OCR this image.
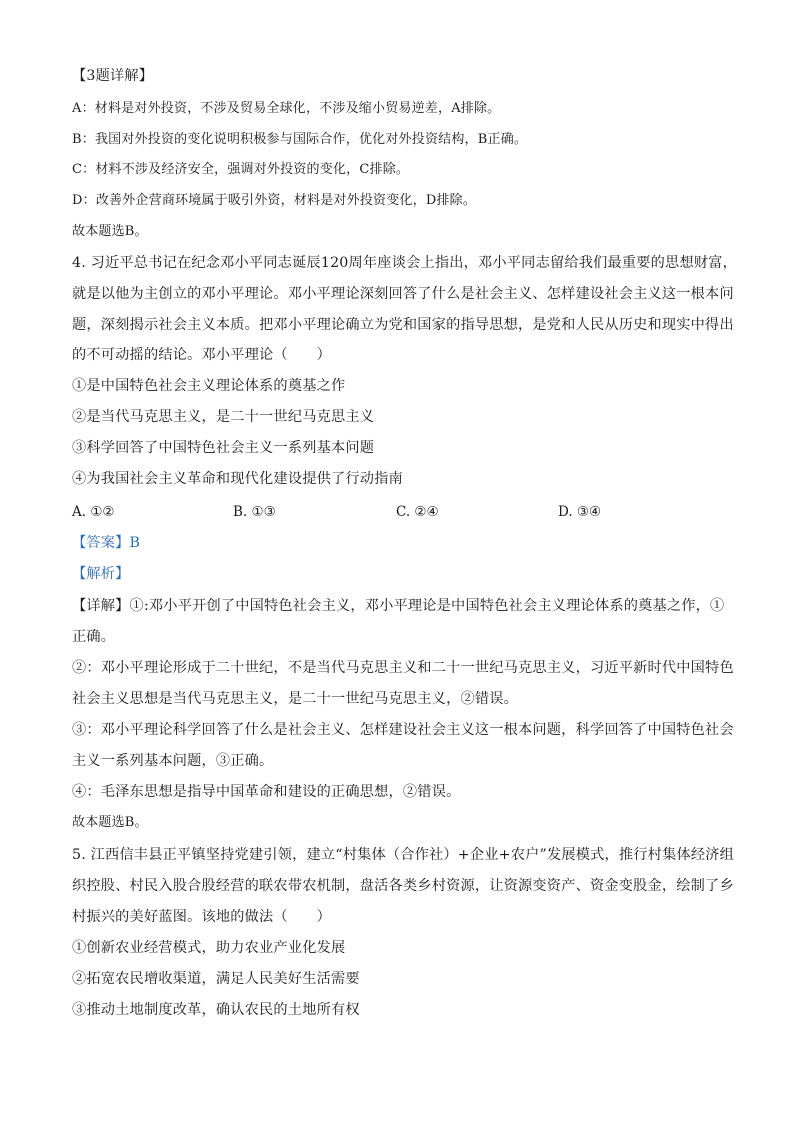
【3题详解】
A：材料是对外投资，不涉及贸易全球化，不涉及缩小贸易逆差，A排除。
B：我国对外投资的变化说明积极参与国际合作，优化对外投资结构，B正确。
C：材料不涉及经济安全，强调对外投资的变化，C排除。
D：改善外企营商环境属于吸引外资，材料是对外投资变化，D排除。
故本题选B。
4. 习近平总书记在纪念邓小平同志诞辰120周年座谈会上指出，邓小平同志留给我们最重要的思想财富，
就是以他为主创立的邓小平理论。邓小平理论深刻回答了什么是社会主义、怎样建设社会主义这一根本问
题，深刻揭示社会主义本质。把邓小平理论确立为党和国家的指导思想，是党和人民从历史和现实中得出
的不可动摇的结论。邓小平理论（　　）
①是中国特色社会主义理论体系的奠基之作
②是当代马克思主义，是二十一世纪马克思主义
③科学回答了中国特色社会主义一系列基本问题
④为我国社会主义革命和现代化建设提供了行动指南
A. ①②	B. ①③	C. ②④	D. ③④
【答案】B
【解析】
【详解】①:邓小平开创了中国特色社会主义，邓小平理论是中国特色社会主义理论体系的奠基之作，①
正确。
②：邓小平理论形成于二十世纪，不是当代马克思主义和二十一世纪马克思主义，习近平新时代中国特色
社会主义思想是当代马克思主义，是二十一世纪马克思主义，②错误。
③：邓小平理论科学回答了什么是社会主义、怎样建设社会主义这一根本问题，科学回答了中国特色社会
主义一系列基本问题，③正确。
④：毛泽东思想是指导中国革命和建设的正确思想，②错误。
故本题选B。
5. 江西信丰县正平镇坚持党建引领，建立“村集体（合作社）+企业+农户”发展模式，推行村集体经济组
织控股、村民入股合股经营的联农带农机制，盘活各类乡村资源，让资源变资产、资金变股金，绘制了乡
村振兴的美好蓝图。该地的做法（　　）
①创新农业经营模式，助力农业产业化发展
②拓宽农民增收渠道，满足人民美好生活需要
③推动土地制度改革，确认农民的土地所有权
